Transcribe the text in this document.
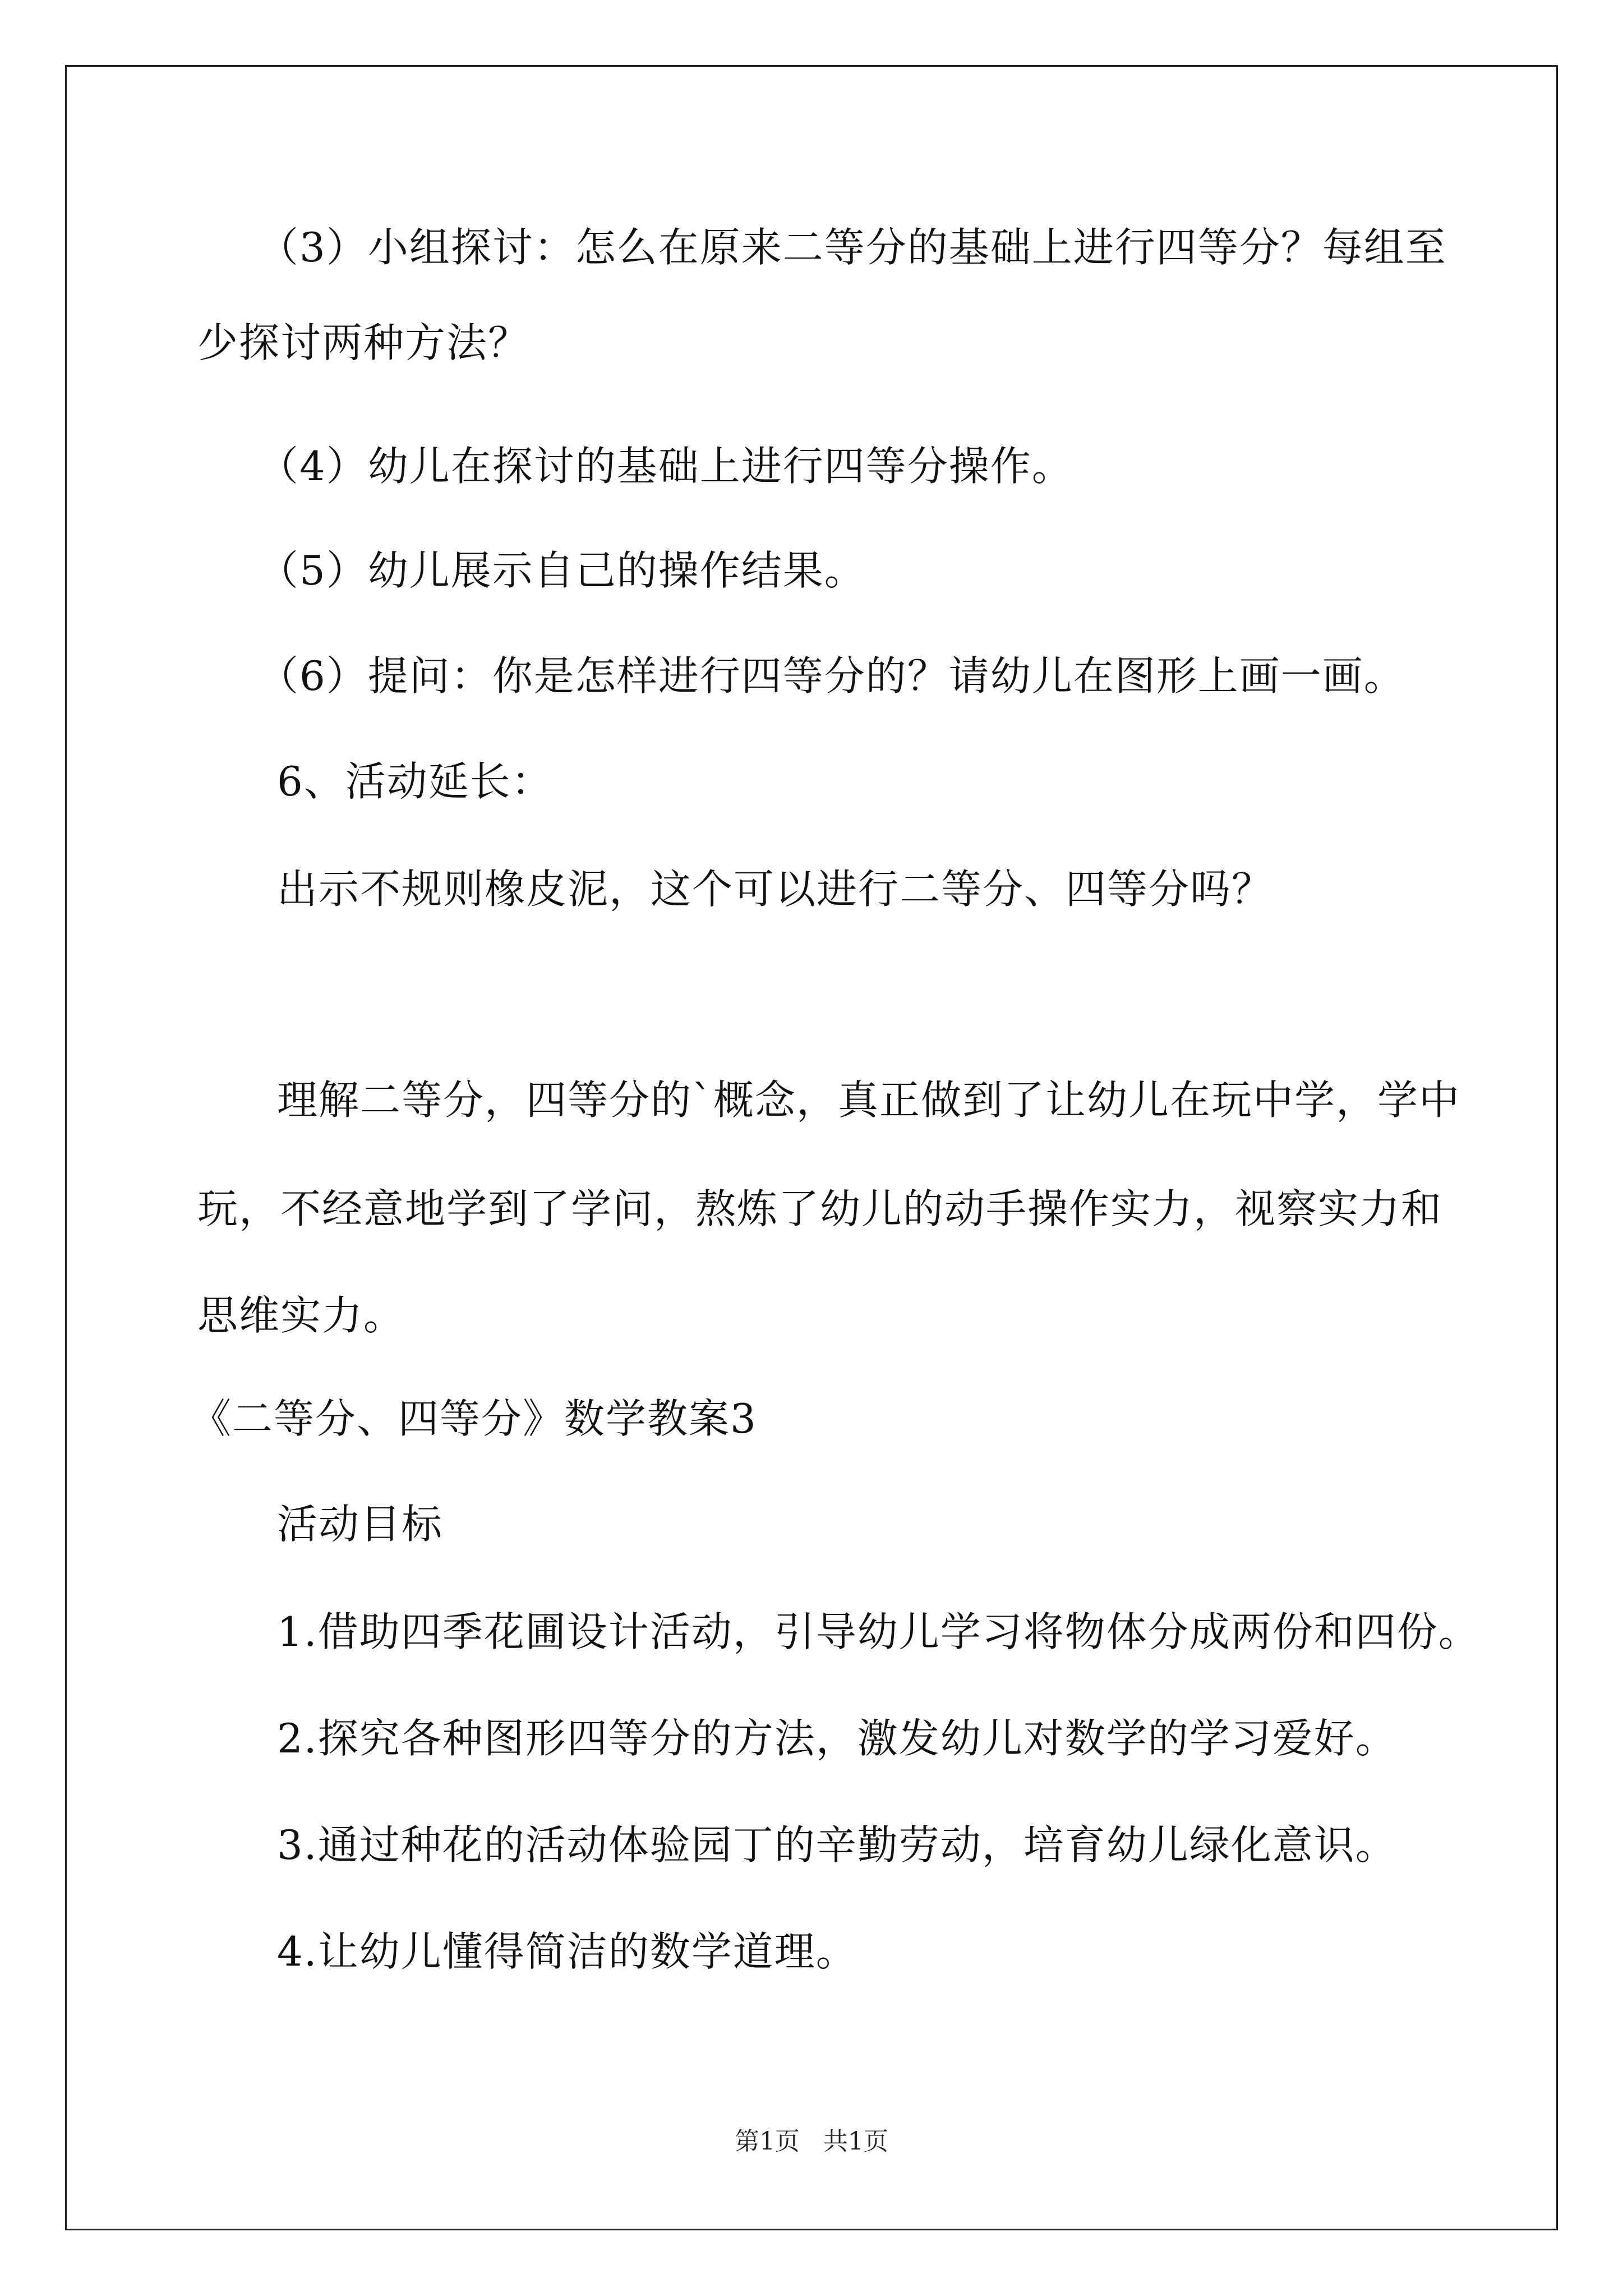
（3）小组探讨：怎么在原来二等分的基础上进行四等分？每组至
少探讨两种方法？
（4）幼儿在探讨的基础上进行四等分操作。
（5）幼儿展示自己的操作结果。
（6）提问：你是怎样进行四等分的？请幼儿在图形上画一画。
6、活动延长：
出示不规则橡皮泥，这个可以进行二等分、四等分吗？
理解二等分，四等分的`概念，真正做到了让幼儿在玩中学，学中
玩，不经意地学到了学问，熬炼了幼儿的动手操作实力，视察实力和
思维实力。
《二等分、四等分》数学教案3
活动目标
1.借助四季花圃设计活动，引导幼儿学习将物体分成两份和四份。
2.探究各种图形四等分的方法，激发幼儿对数学的学习爱好。
3.通过种花的活动体验园丁的辛勤劳动，培育幼儿绿化意识。
4.让幼儿懂得简洁的数学道理。
第1页   共1页
